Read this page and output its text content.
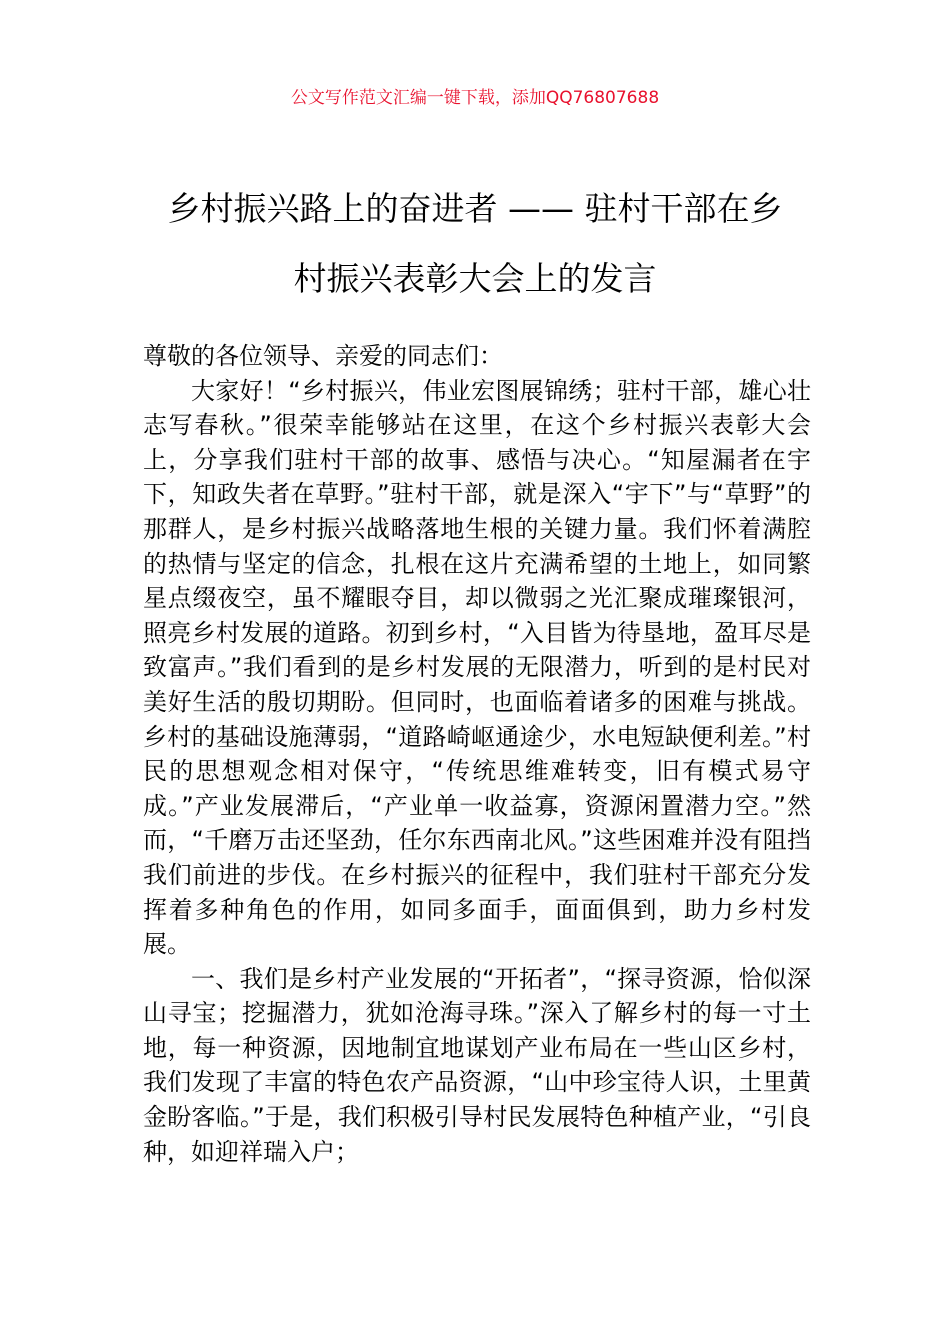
公文写作范文汇编一键下载，添加QQ76807688
乡村振兴路上的奋进者 —— 驻村干部在乡
村振兴表彰大会上的发言

尊敬的各位领导、亲爱的同志们：

大家好！“乡村振兴，伟业宏图展锦绣；驻村干部，雄心壮志写春秋。”很荣幸能够站在这里，在这个乡村振兴表彰大会上，分享我们驻村干部的故事、感悟与决心。“知屋漏者在宇下，知政失者在草野。”驻村干部，就是深入“宇下”与“草野”的那群人，是乡村振兴战略落地生根的关键力量。我们怀着满腔的热情与坚定的信念，扎根在这片充满希望的土地上，如同繁星点缀夜空，虽不耀眼夺目，却以微弱之光汇聚成璀璨银河，照亮乡村发展的道路。初到乡村，“入目皆为待垦地，盈耳尽是致富声。”我们看到的是乡村发展的无限潜力，听到的是村民对美好生活的殷切期盼。但同时，也面临着诸多的困难与挑战。乡村的基础设施薄弱，“道路崎岖通途少，水电短缺便利差。”村民的思想观念相对保守，“传统思维难转变，旧有模式易守成。”产业发展滞后，“产业单一收益寡，资源闲置潜力空。”然而，“千磨万击还坚劲，任尔东西南北风。”这些困难并没有阻挡我们前进的步伐。在乡村振兴的征程中，我们驻村干部充分发挥着多种角色的作用，如同多面手，面面俱到，助力乡村发展。

一、我们是乡村产业发展的“开拓者”，“探寻资源，恰似深山寻宝；挖掘潜力，犹如沧海寻珠。”深入了解乡村的每一寸土地，每一种资源，因地制宜地谋划产业布局在一些山区乡村，我们发现了丰富的特色农产品资源，“山中珍宝待人识，土里黄金盼客临。”于是，我们积极引导村民发展特色种植产业，“引良种，如迎祥瑞入户；
